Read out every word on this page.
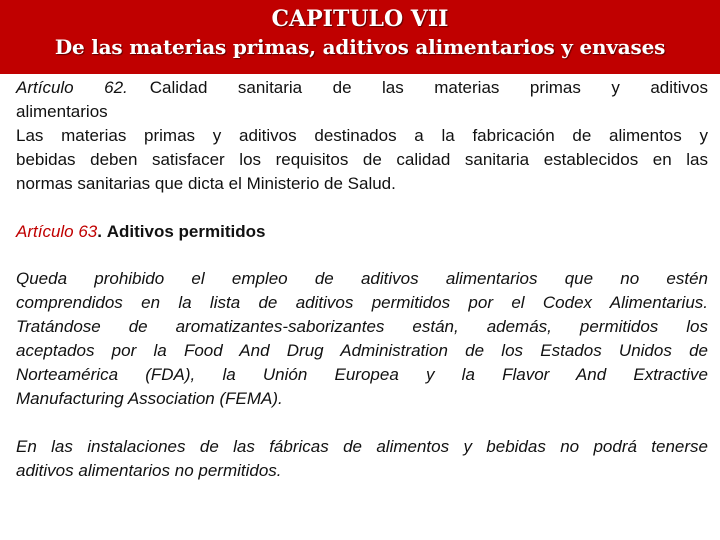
CAPITULO VII
De las materias primas, aditivos alimentarios y envases
Artículo 62. Calidad sanitaria de las materias primas y aditivos
alimentarios
Las materias primas y aditivos destinados a la fabricación de alimentos y
bebidas deben satisfacer los requisitos de calidad sanitaria establecidos en las
normas sanitarias que dicta el Ministerio de Salud.
Artículo 63. Aditivos permitidos
Queda prohibido el empleo de aditivos alimentarios que no estén
comprendidos en la lista de aditivos permitidos por el Codex Alimentarius.
Tratándose de aromatizantes-saborizantes están, además, permitidos los
aceptados por la Food And Drug Administration de los Estados Unidos de
Norteamérica (FDA), la Unión Europea y la Flavor And Extractive
Manufacturing Association (FEMA).
En las instalaciones de las fábricas de alimentos y bebidas no podrá tenerse
aditivos alimentarios no permitidos.
